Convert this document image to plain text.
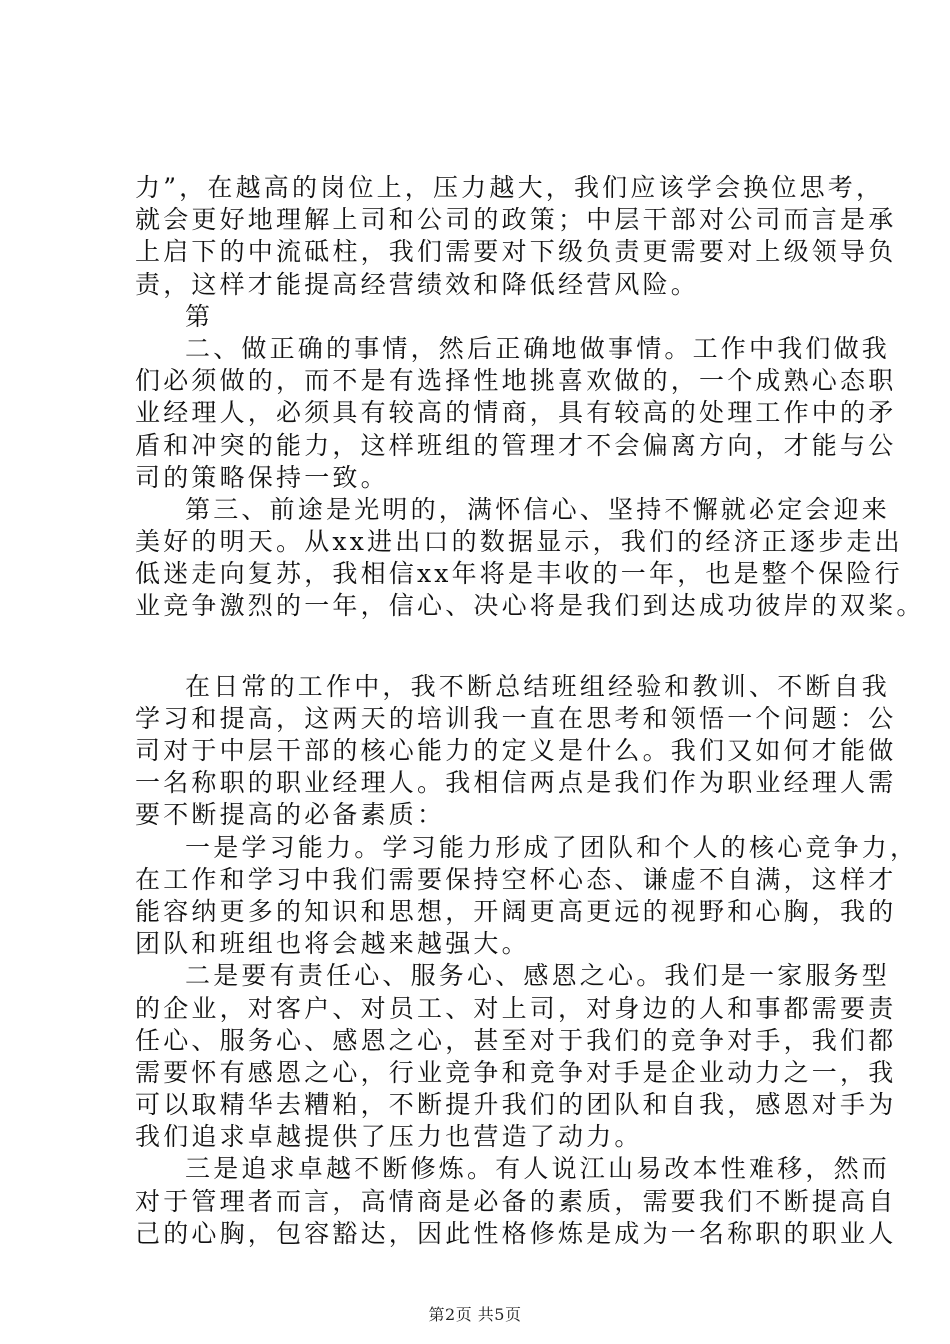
力”，在越高的岗位上，压力越大，我们应该学会换位思考，
就会更好地理解上司和公司的政策；中层干部对公司而言是承
上启下的中流砥柱，我们需要对下级负责更需要对上级领导负
责，这样才能提高经营绩效和降低经营风险。
第
二、做正确的事情，然后正确地做事情。工作中我们做我
们必须做的，而不是有选择性地挑喜欢做的，一个成熟心态职
业经理人，必须具有较高的情商，具有较高的处理工作中的矛
盾和冲突的能力，这样班组的管理才不会偏离方向，才能与公
司的策略保持一致。
第三、前途是光明的，满怀信心、坚持不懈就必定会迎来
美好的明天。从xx进出口的数据显示，我们的经济正逐步走出
低迷走向复苏，我相信xx年将是丰收的一年，也是整个保险行
业竞争激烈的一年，信心、决心将是我们到达成功彼岸的双桨。
在日常的工作中，我不断总结班组经验和教训、不断自我
学习和提高，这两天的培训我一直在思考和领悟一个问题：公
司对于中层干部的核心能力的定义是什么。我们又如何才能做
一名称职的职业经理人。我相信两点是我们作为职业经理人需
要不断提高的必备素质：
一是学习能力。学习能力形成了团队和个人的核心竞争力，
在工作和学习中我们需要保持空杯心态、谦虚不自满，这样才
能容纳更多的知识和思想，开阔更高更远的视野和心胸，我的
团队和班组也将会越来越强大。
二是要有责任心、服务心、感恩之心。我们是一家服务型
的企业，对客户、对员工、对上司，对身边的人和事都需要责
任心、服务心、感恩之心，甚至对于我们的竞争对手，我们都
需要怀有感恩之心，行业竞争和竞争对手是企业动力之一，我
可以取精华去糟粕，不断提升我们的团队和自我，感恩对手为
我们追求卓越提供了压力也营造了动力。
三是追求卓越不断修炼。有人说江山易改本性难移，然而
对于管理者而言，高情商是必备的素质，需要我们不断提高自
己的心胸，包容豁达，因此性格修炼是成为一名称职的职业人
第2页 共5页
